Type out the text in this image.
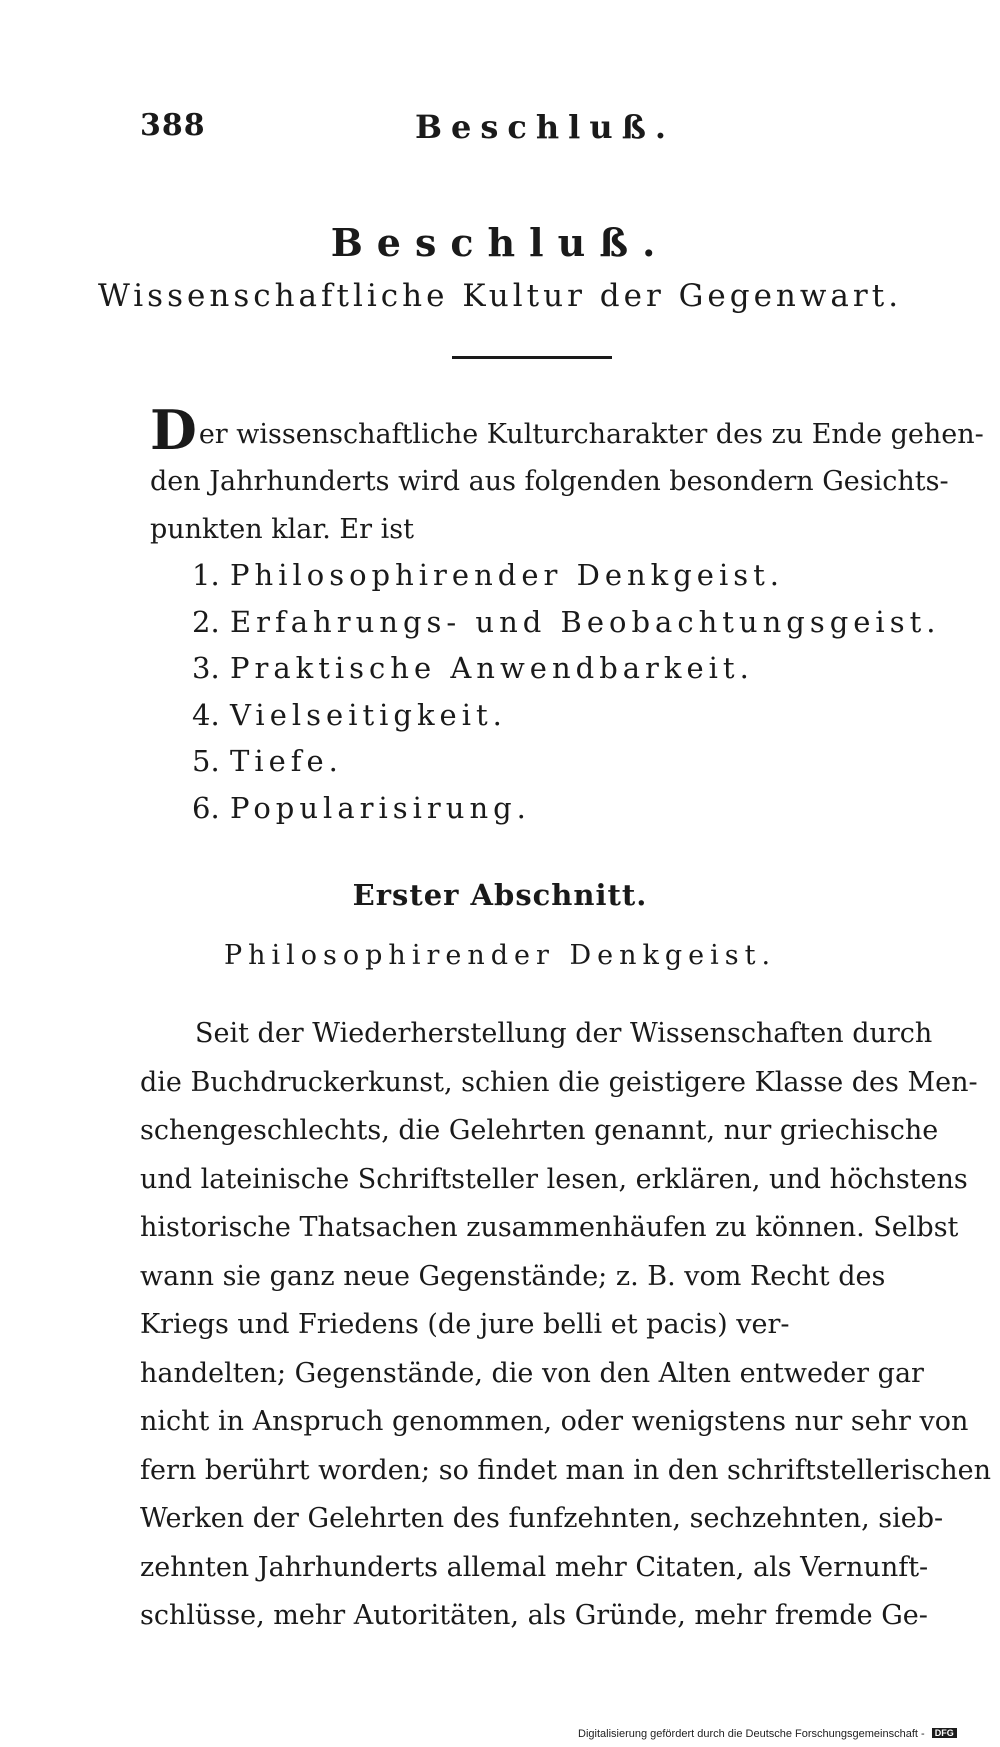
388	Beschluß.
Beschluß.
Wissenschaftliche Kultur der Gegenwart.
Der wissenschaftliche Kulturcharakter des zu Ende gehen-
den Jahrhunderts wird aus folgenden besondern Gesichts-
punkten klar. Er ist
1. Philosophirender Denkgeist.
2. Erfahrungs- und Beobachtungsgeist.
3. Praktische Anwendbarkeit.
4. Vielseitigkeit.
5. Tiefe.
6. Popularisirung.
Erster Abschnitt.
Philosophirender Denkgeist.
Seit der Wiederherstellung der Wissenschaften durch
die Buchdruckerkunst, schien die geistigere Klasse des Men-
schengeschlechts, die Gelehrten genannt, nur griechische
und lateinische Schriftsteller lesen, erklären, und höchstens
historische Thatsachen zusammenhäufen zu können. Selbst
wann sie ganz neue Gegenstände; z. B. vom Recht des
Kriegs und Friedens (de jure belli et pacis) ver-
handelten; Gegenstände, die von den Alten entweder gar
nicht in Anspruch genommen, oder wenigstens nur sehr von
fern berührt worden; so findet man in den schriftstellerischen
Werken der Gelehrten des funfzehnten, sechzehnten, sieb-
zehnten Jahrhunderts allemal mehr Citaten, als Vernunft-
schlüsse, mehr Autoritäten, als Gründe, mehr fremde Ge-
Digitalisierung gefördert durch die Deutsche Forschungsgemeinschaft - DFG
